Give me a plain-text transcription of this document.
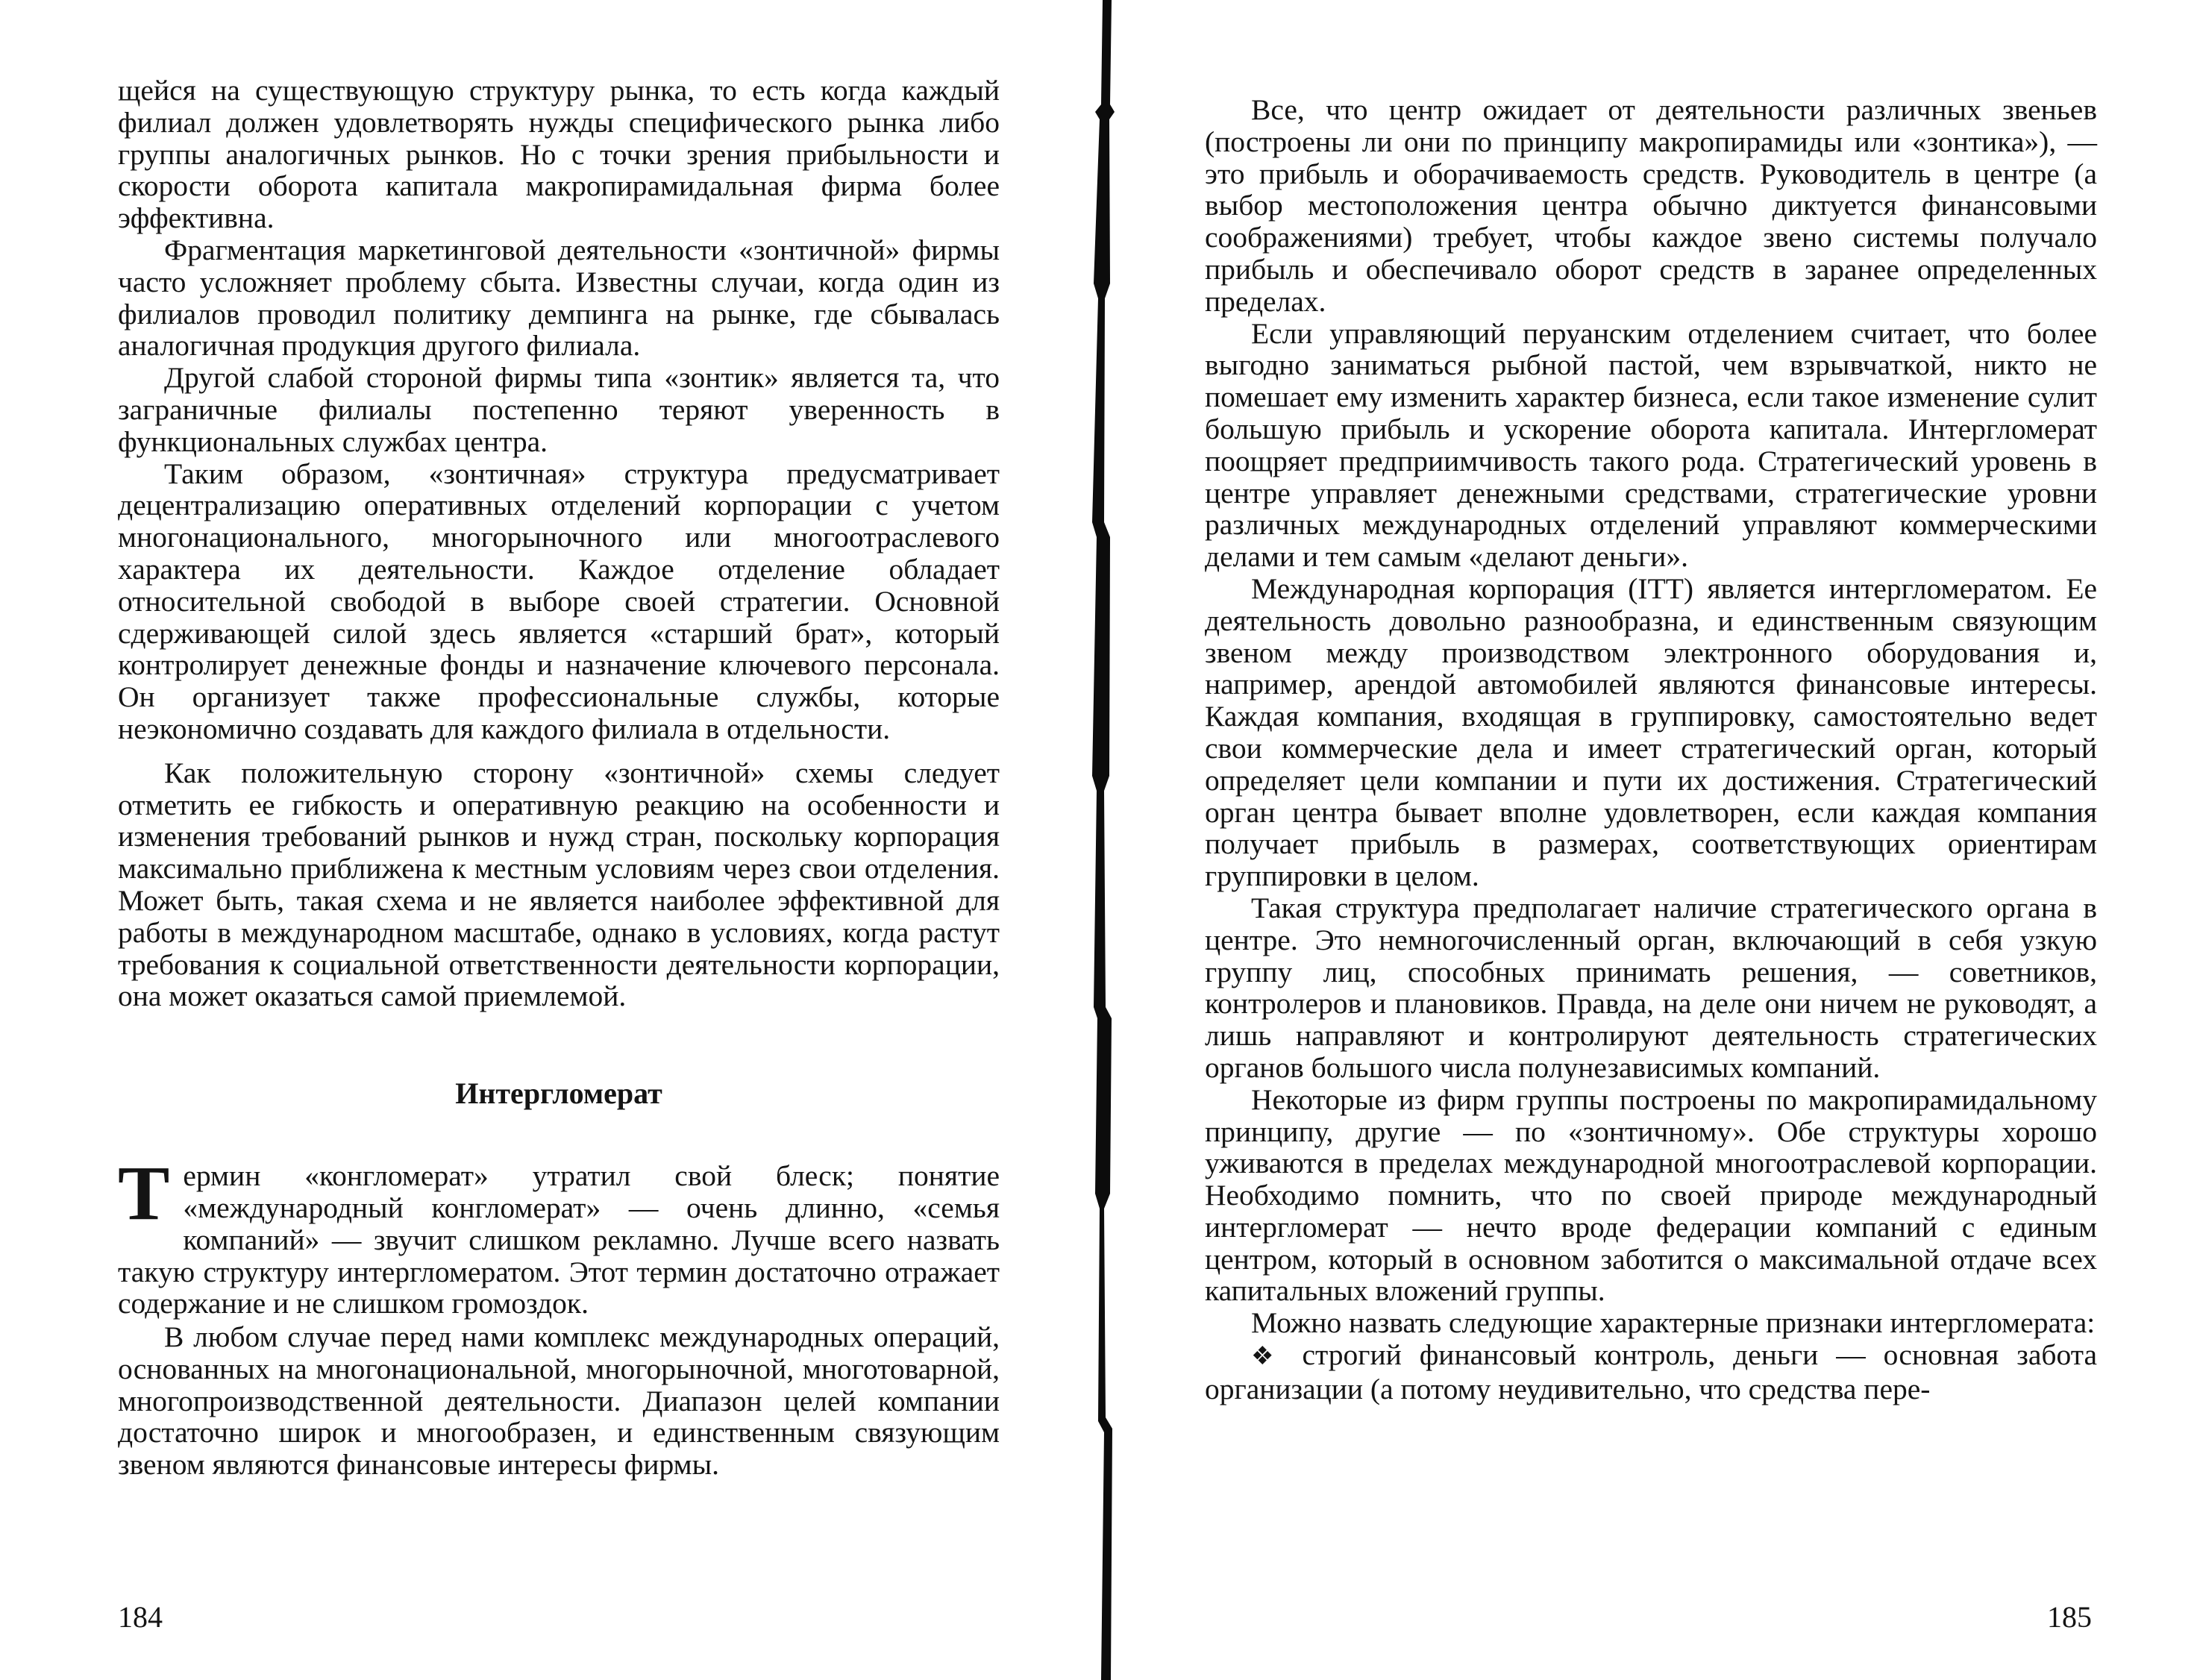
щейся на существующую структуру рынка, то есть когда каждый филиал должен удовлетворять нужды специфического рынка либо группы аналогичных рынков. Но с точки зрения прибыльности и скорости оборота капитала макропирамидальная фирма более эффективна.

Фрагментация маркетинговой деятельности «зонтичной» фирмы часто усложняет проблему сбыта. Известны случаи, когда один из филиалов проводил политику демпинга на рынке, где сбывалась аналогичная продукция другого филиала.

Другой слабой стороной фирмы типа «зонтик» является та, что заграничные филиалы постепенно теряют уверенность в функциональных службах центра.

Таким образом, «зонтичная» структура предусматривает децентрализацию оперативных отделений корпорации с учетом многонационального, многорыночного или многоотраслевого характера их деятельности. Каждое отделение обладает относительной свободой в выборе своей стратегии. Основной сдерживающей силой здесь является «старший брат», который контролирует денежные фонды и назначение ключевого персонала. Он организует также профессиональные службы, которые неэкономично создавать для каждого филиала в отдельности.

Как положительную сторону «зонтичной» схемы следует отметить ее гибкость и оперативную реакцию на особенности и изменения требований рынков и нужд стран, поскольку корпорация максимально приближена к местным условиям через свои отделения. Может быть, такая схема и не является наиболее эффективной для работы в международном масштабе, однако в условиях, когда растут требования к социальной ответственности деятельности корпорации, она может оказаться самой приемлемой.

Интергломерат

Т ермин «конгломерат» утратил свой блеск; понятие «международный конгломерат» — очень длинно, «семья компаний» — звучит слишком рекламно. Лучше всего назвать такую структуру интергломератом. Этот термин достаточно отражает содержание и не слишком громоздок.

В любом случае перед нами комплекс международных операций, основанных на многонациональной, многорыночной, многотоварной, многопроизводственной деятельности. Диапазон целей компании достаточно широк и многообразен, и единственным связующим звеном являются финансовые интересы фирмы.

184

Все, что центр ожидает от деятельности различных звеньев (построены ли они по принципу макропирамиды или «зонтика»), — это прибыль и оборачиваемость средств. Руководитель в центре (а выбор местоположения центра обычно диктуется финансовыми соображениями) требует, чтобы каждое звено системы получало прибыль и обеспечивало оборот средств в заранее определенных пределах.

Если управляющий перуанским отделением считает, что более выгодно заниматься рыбной пастой, чем взрывчаткой, никто не помешает ему изменить характер бизнеса, если такое изменение сулит большую прибыль и ускорение оборота капитала. Интергломерат поощряет предприимчивость такого рода. Стратегический уровень в центре управляет денежными средствами, стратегические уровни различных международных отделений управляют коммерческими делами и тем самым «делают деньги».

Международная корпорация (ITT) является интергломератом. Ее деятельность довольно разнообразна, и единственным связующим звеном между производством электронного оборудования и, например, арендой автомобилей являются финансовые интересы. Каждая компания, входящая в группировку, самостоятельно ведет свои коммерческие дела и имеет стратегический орган, который определяет цели компании и пути их достижения. Стратегический орган центра бывает вполне удовлетворен, если каждая компания получает прибыль в размерах, соответствующих ориентирам группировки в целом.

Такая структура предполагает наличие стратегического органа в центре. Это немногочисленный орган, включающий в себя узкую группу лиц, способных принимать решения, — советников, контролеров и плановиков. Правда, на деле они ничем не руководят, а лишь направляют и контролируют деятельность стратегических органов большого числа полунезависимых компаний.

Некоторые из фирм группы построены по макропирамидальному принципу, другие — по «зонтичному». Обе структуры хорошо уживаются в пределах международной многоотраслевой корпорации. Необходимо помнить, что по своей природе международный интергломерат — нечто вроде федерации компаний с единым центром, который в основном заботится о максимальной отдаче всех капитальных вложений группы.

Можно назвать следующие характерные признаки интергломерата:

❖ строгий финансовый контроль, деньги — основная забота организации (а потому неудивительно, что средства пере-

185
